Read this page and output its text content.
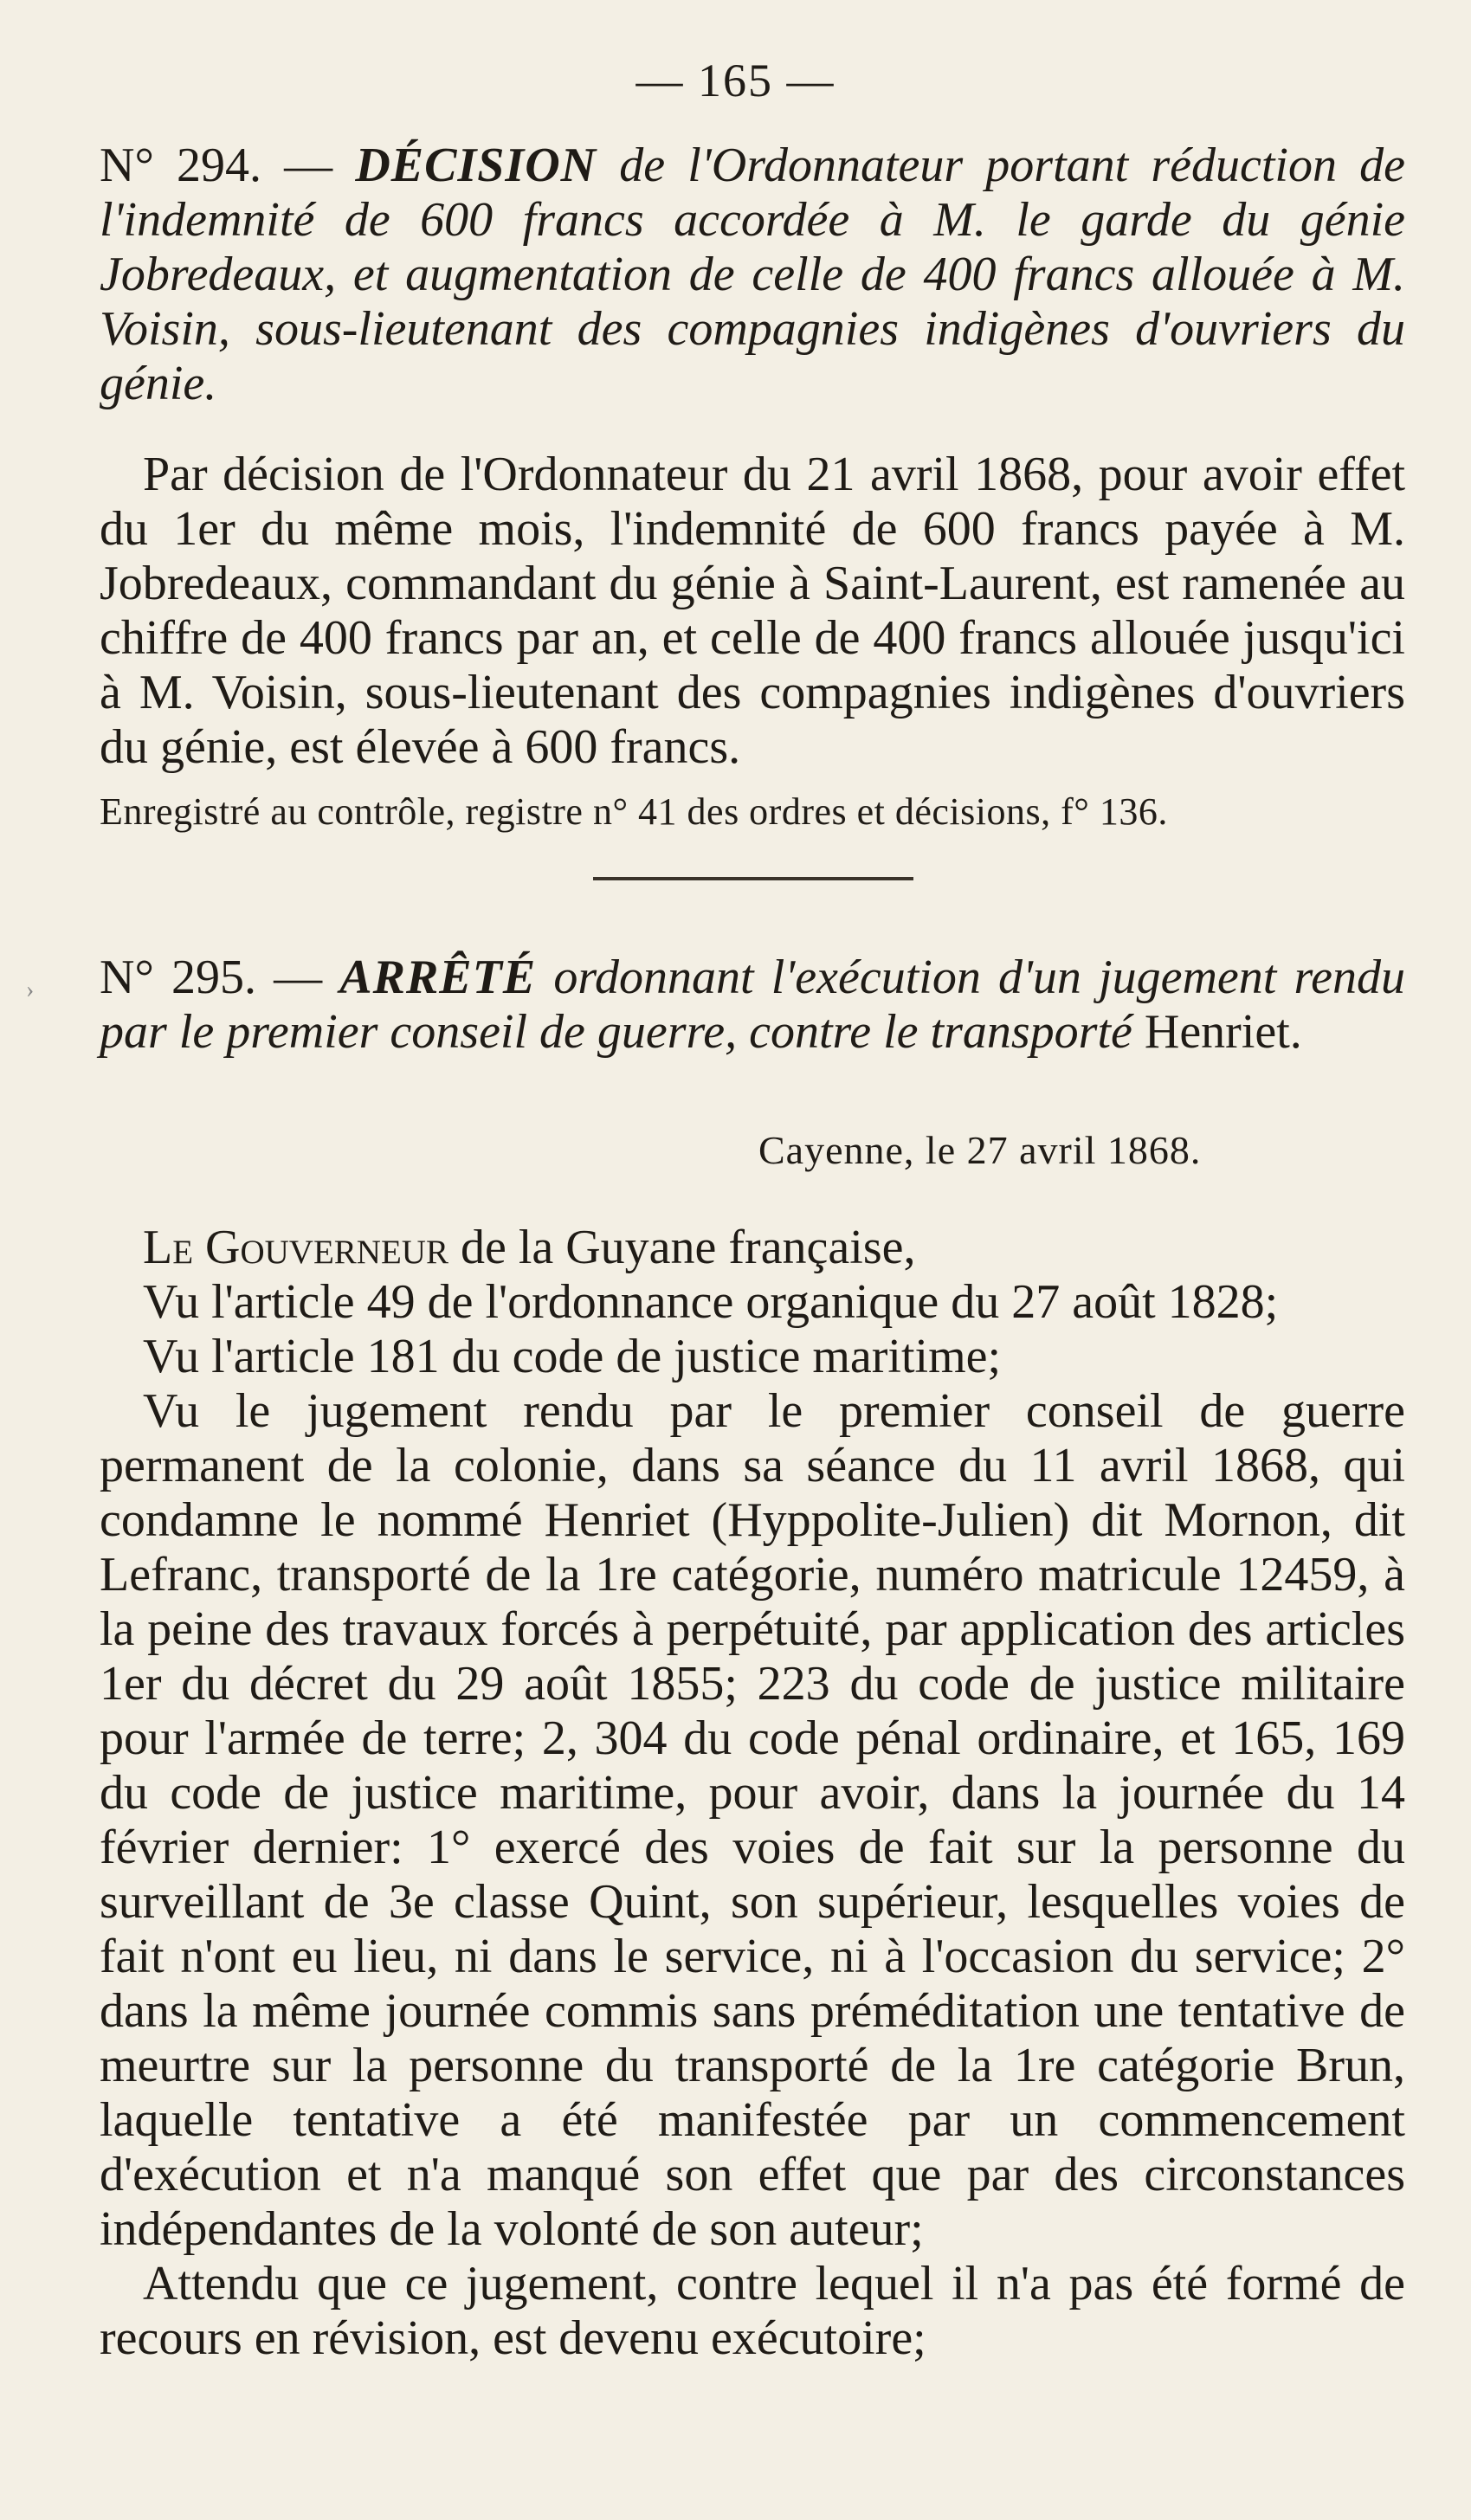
— 165 —

N° 294. — DÉCISION de l'Ordonnateur portant réduction de l'indemnité de 600 francs accordée à M. le garde du génie Jobredeaux, et augmentation de celle de 400 francs allouée à M. Voisin, sous-lieutenant des compagnies indigènes d'ouvriers du génie.

Par décision de l'Ordonnateur du 21 avril 1868, pour avoir effet du 1er du même mois, l'indemnité de 600 francs payée à M. Jobredeaux, commandant du génie à Saint-Laurent, est ramenée au chiffre de 400 francs par an, et celle de 400 francs allouée jusqu'ici à M. Voisin, sous-lieutenant des compagnies indigènes d'ouvriers du génie, est élevée à 600 francs.

Enregistré au contrôle, registre n° 41 des ordres et décisions, f° 136.

N° 295. — ARRÊTÉ ordonnant l'exécution d'un jugement rendu par le premier conseil de guerre, contre le transporté Henriet.

Cayenne, le 27 avril 1868.

Le Gouverneur de la Guyane française,

Vu l'article 49 de l'ordonnance organique du 27 août 1828;

Vu l'article 181 du code de justice maritime;

Vu le jugement rendu par le premier conseil de guerre permanent de la colonie, dans sa séance du 11 avril 1868, qui condamne le nommé Henriet (Hyppolite-Julien) dit Mornon, dit Lefranc, transporté de la 1re catégorie, numéro matricule 12459, à la peine des travaux forcés à perpétuité, par application des articles 1er du décret du 29 août 1855; 223 du code de justice militaire pour l'armée de terre; 2, 304 du code pénal ordinaire, et 165, 169 du code de justice maritime, pour avoir, dans la journée du 14 février dernier: 1° exercé des voies de fait sur la personne du surveillant de 3e classe Quint, son supérieur, lesquelles voies de fait n'ont eu lieu, ni dans le service, ni à l'occasion du service; 2° dans la même journée commis sans préméditation une tentative de meurtre sur la personne du transporté de la 1re catégorie Brun, laquelle tentative a été manifestée par un commencement d'exécution et n'a manqué son effet que par des circonstances indépendantes de la volonté de son auteur;

Attendu que ce jugement, contre lequel il n'a pas été formé de recours en révision, est devenu exécutoire;

›
